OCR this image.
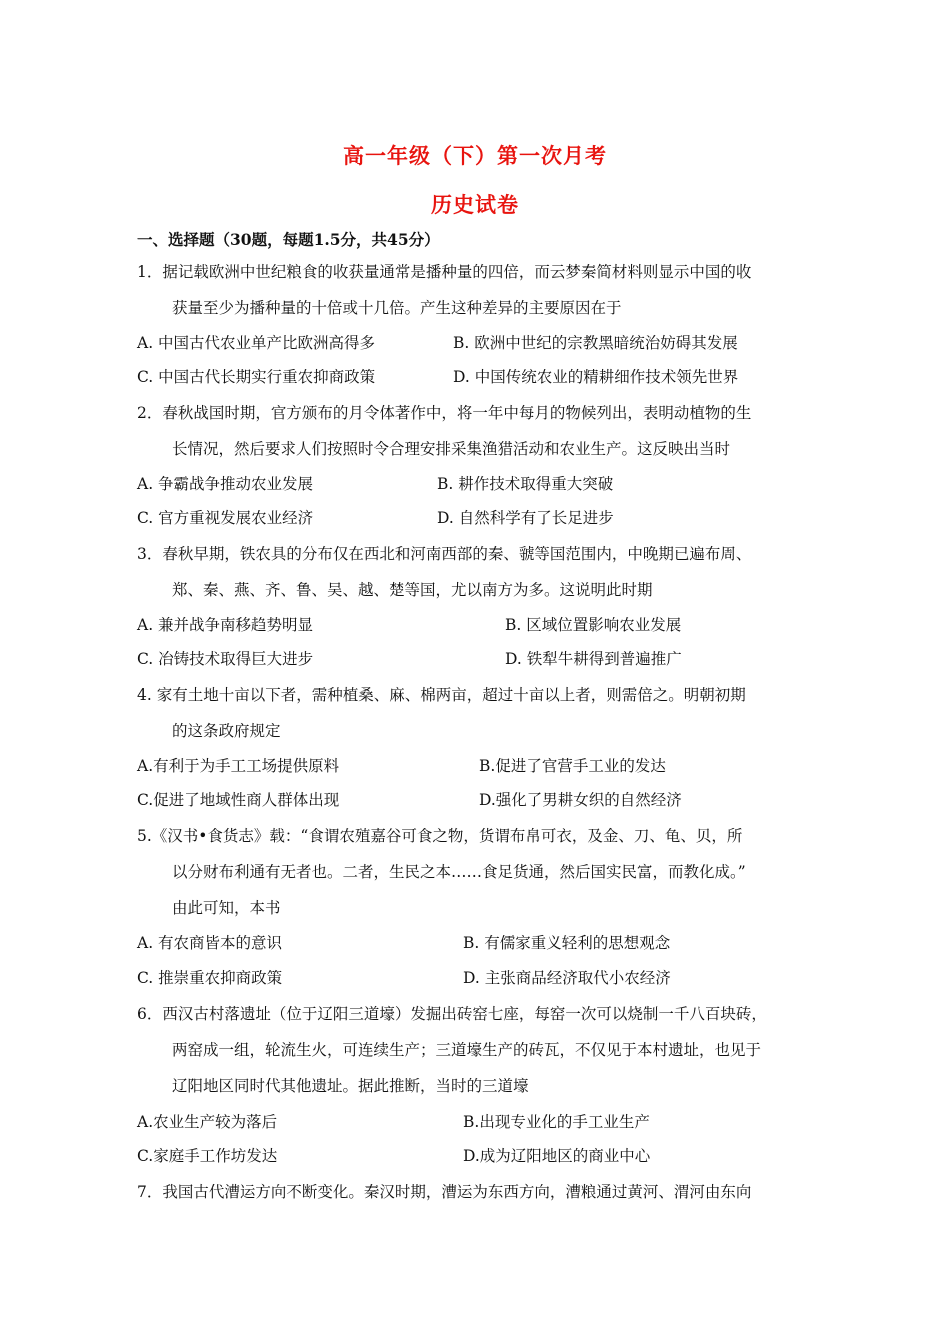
高一年级（下）第一次月考
历史试卷
一、选择题（30题，每题1.5分，共45分）
1．据记载欧洲中世纪粮食的收获量通常是播种量的四倍，而云梦秦简材料则显示中国的收
获量至少为播种量的十倍或十几倍。产生这种差异的主要原因在于
A. 中国古代农业单产比欧洲高得多	B. 欧洲中世纪的宗教黑暗统治妨碍其发展
C. 中国古代长期实行重农抑商政策	D. 中国传统农业的精耕细作技术领先世界
2．春秋战国时期，官方颁布的月令体著作中，将一年中每月的物候列出，表明动植物的生
长情况，然后要求人们按照时令合理安排采集渔猎活动和农业生产。这反映出当时
A. 争霸战争推动农业发展	B. 耕作技术取得重大突破
C. 官方重视发展农业经济	D. 自然科学有了长足进步
3．春秋早期，铁农具的分布仅在西北和河南西部的秦、虢等国范围内，中晚期已遍布周、
郑、秦、燕、齐、鲁、吴、越、楚等国，尤以南方为多。这说明此时期
A. 兼并战争南移趋势明显	B. 区域位置影响农业发展
C. 冶铸技术取得巨大进步	D. 铁犁牛耕得到普遍推广
4. 家有土地十亩以下者，需种植桑、麻、棉两亩，超过十亩以上者，则需倍之。明朝初期
的这条政府规定
A.有利于为手工工场提供原料	B.促进了官营手工业的发达
C.促进了地域性商人群体出现	D.强化了男耕女织的自然经济
5.《汉书•食货志》载：“食谓农殖嘉谷可食之物，货谓布帛可衣，及金、刀、龟、贝，所
以分财布利通有无者也。二者，生民之本……食足货通，然后国实民富，而教化成。”
由此可知，本书
A. 有农商皆本的意识	B. 有儒家重义轻利的思想观念
C. 推崇重农抑商政策	D. 主张商品经济取代小农经济
6．西汉古村落遗址（位于辽阳三道壕）发掘出砖窑七座，每窑一次可以烧制一千八百块砖，
两窑成一组，轮流生火，可连续生产；三道壕生产的砖瓦，不仅见于本村遗址，也见于
辽阳地区同时代其他遗址。据此推断，当时的三道壕
A.农业生产较为落后	B.出现专业化的手工业生产
C.家庭手工作坊发达	D.成为辽阳地区的商业中心
7．我国古代漕运方向不断变化。秦汉时期，漕运为东西方向，漕粮通过黄河、渭河由东向
